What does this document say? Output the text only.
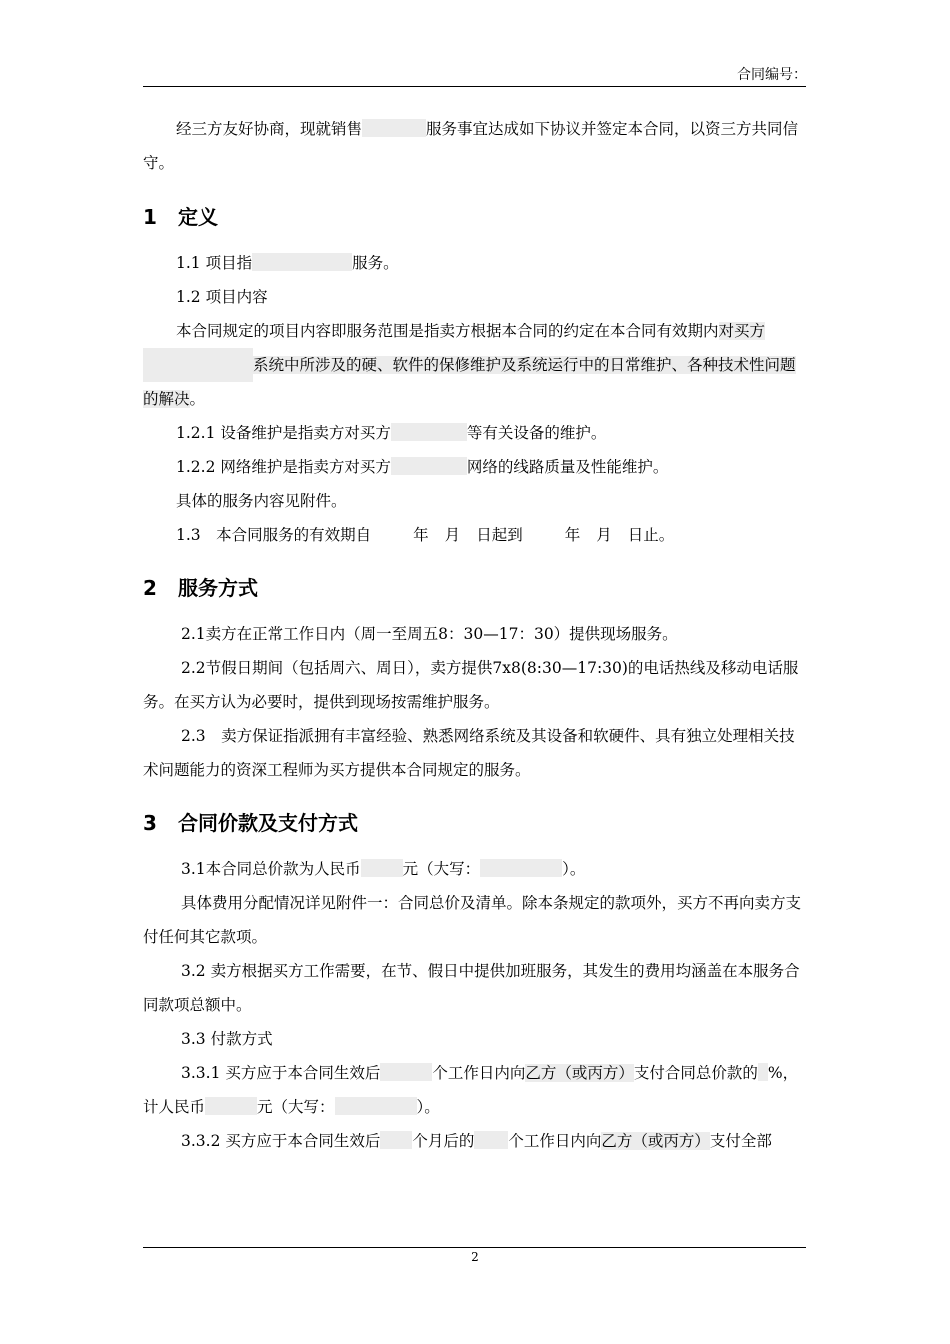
合同编号：

经三方友好协商，现就销售	服务事宜达成如下协议并签定本合同，以资三方共同信守。

1 定义

1.1 项目指	服务。

1.2 项目内容

本合同规定的项目内容即服务范围是指卖方根据本合同的约定在本合同有效期内对买方系统中所涉及的硬、软件的保修维护及系统运行中的日常维护、各种技术性问题的解决。

1.2.1 设备维护是指卖方对买方	等有关设备的维护。

1.2.2 网络维护是指卖方对买方	网络的线路质量及性能维护。

具体的服务内容见附件。

1.3　本合同服务的有效期自	年 月 日起到	年 月 日止。

2 服务方式

2.1卖方在正常工作日内（周一至周五8：30—17：30）提供现场服务。

2.2节假日期间（包括周六、周日），卖方提供7x8(8:30—17:30)的电话热线及移动电话服务。在买方认为必要时，提供到现场按需维护服务。

2.3　卖方保证指派拥有丰富经验、熟悉网络系统及其设备和软硬件、具有独立处理相关技术问题能力的资深工程师为买方提供本合同规定的服务。

3 合同价款及支付方式

3.1本合同总价款为人民币	元（大写：	）。

具体费用分配情况详见附件一：合同总价及清单。除本条规定的款项外，买方不再向卖方支付任何其它款项。

3.2 卖方根据买方工作需要，在节、假日中提供加班服务，其发生的费用均涵盖在本服务合同款项总额中。

3.3 付款方式

3.3.1 买方应于本合同生效后	个工作日内向乙方（或丙方）支付合同总价款的 %，计人民币	元（大写：	）。

3.3.2 买方应于本合同生效后 个月后的 个工作日内向乙方（或丙方）支付全部

2
